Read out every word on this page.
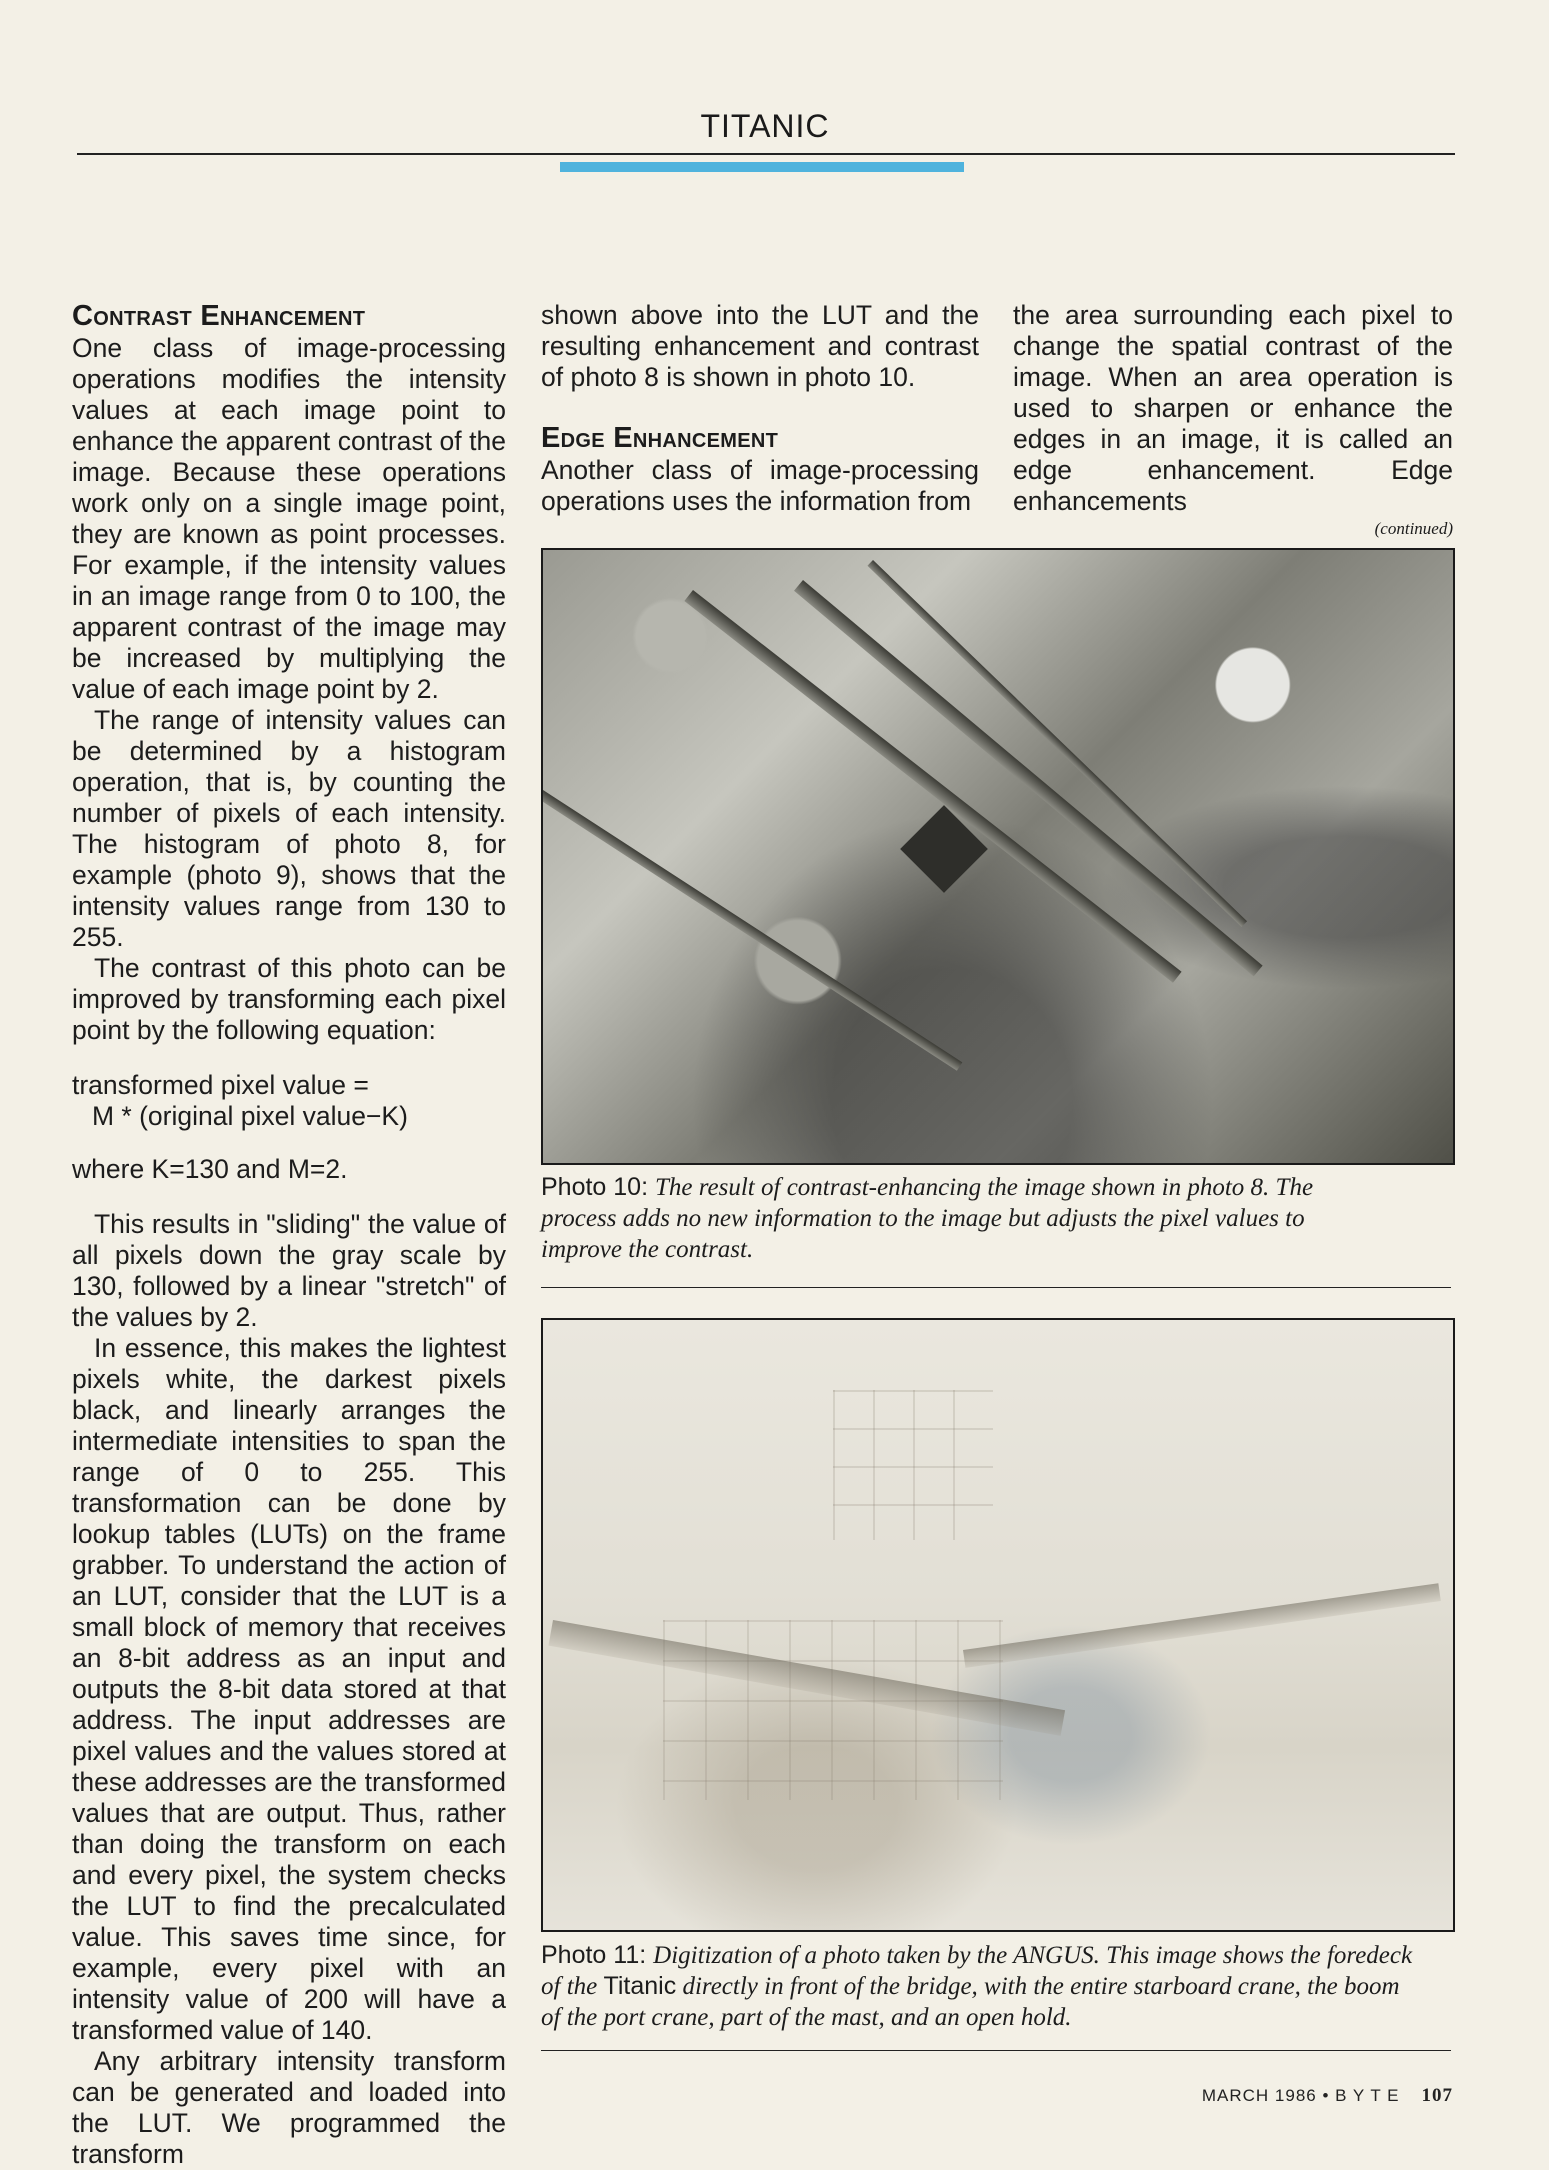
TITANIC

Contrast Enhancement

One class of image-processing operations modifies the intensity values at each image point to enhance the apparent contrast of the image. Because these operations work only on a single image point, they are known as point processes. For example, if the intensity values in an image range from 0 to 100, the apparent contrast of the image may be increased by multiplying the value of each image point by 2.

The range of intensity values can be determined by a histogram operation, that is, by counting the number of pixels of each intensity. The histogram of photo 8, for example (photo 9), shows that the intensity values range from 130 to 255.

The contrast of this photo can be improved by transforming each pixel point by the following equation:

transformed pixel value =
M * (original pixel value−K)

where K=130 and M=2.

This results in "sliding" the value of all pixels down the gray scale by 130, followed by a linear "stretch" of the values by 2.

In essence, this makes the lightest pixels white, the darkest pixels black, and linearly arranges the intermediate intensities to span the range of 0 to 255. This transformation can be done by lookup tables (LUTs) on the frame grabber. To understand the action of an LUT, consider that the LUT is a small block of memory that receives an 8-bit address as an input and outputs the 8-bit data stored at that address. The input addresses are pixel values and the values stored at these addresses are the transformed values that are output. Thus, rather than doing the transform on each and every pixel, the system checks the LUT to find the precalculated value. This saves time since, for example, every pixel with an intensity value of 200 will have a transformed value of 140.

Any arbitrary intensity transform can be generated and loaded into the LUT. We programmed the transform

shown above into the LUT and the resulting enhancement and contrast of photo 8 is shown in photo 10.

Edge Enhancement

Another class of image-processing operations uses the information from

the area surrounding each pixel to change the spatial contrast of the image. When an area operation is used to sharpen or enhance the edges in an image, it is called an edge enhancement. Edge enhancements

(continued)

Photo 10: The result of contrast-enhancing the image shown in photo 8. The process adds no new information to the image but adjusts the pixel values to improve the contrast.
Photo 11: Digitization of a photo taken by the ANGUS. This image shows the foredeck of the Titanic directly in front of the bridge, with the entire starboard crane, the boom of the port crane, part of the mast, and an open hold.
MARCH 1986 • B Y T E 107
